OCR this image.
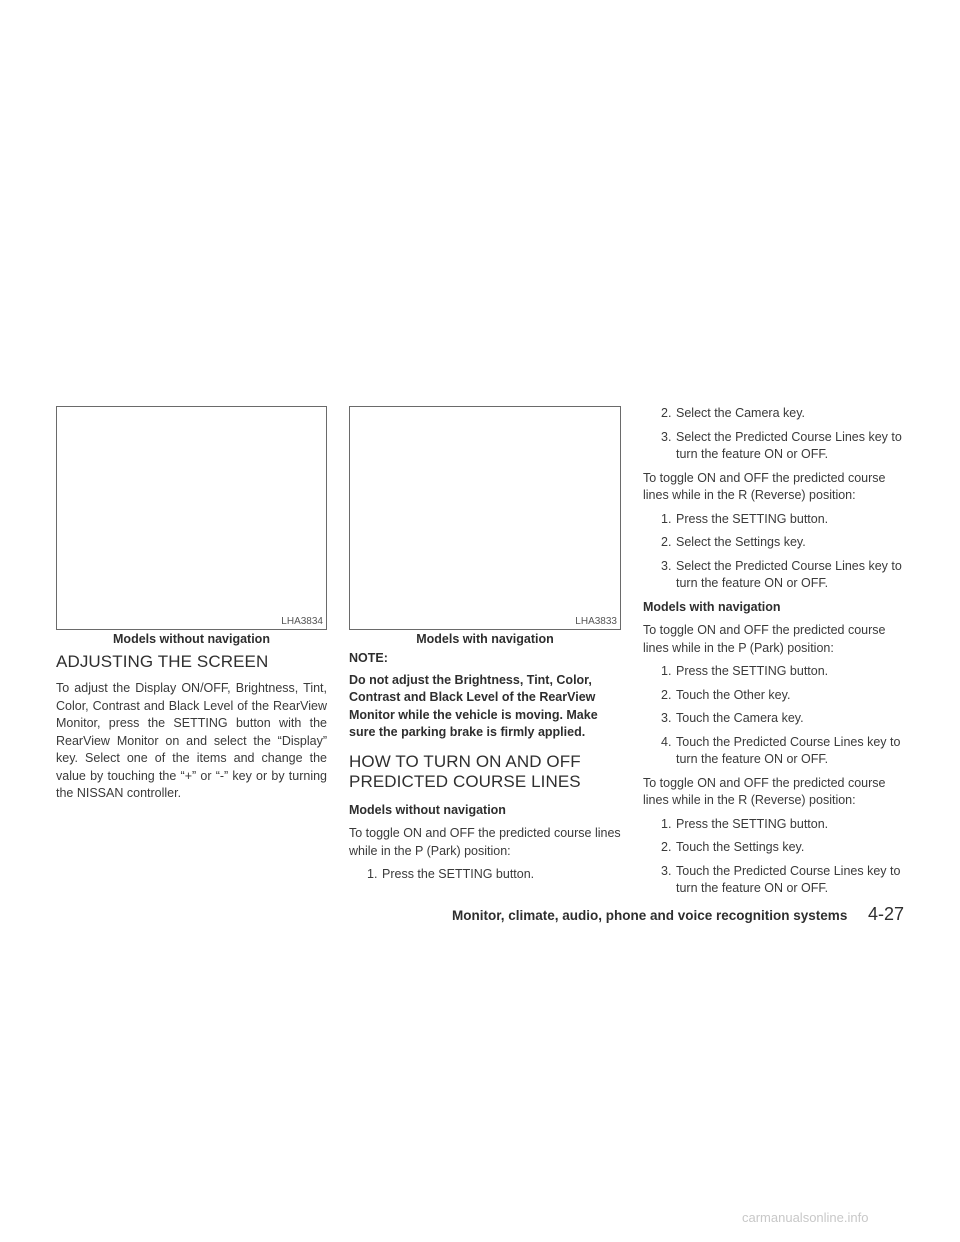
LHA3834
Models without navigation
LHA3833
Models with navigation
ADJUSTING THE SCREEN

To adjust the Display ON/OFF, Brightness, Tint, Color, Contrast and Black Level of the RearView Monitor, press the SETTING button with the RearView Monitor on and select the “Display” key. Select one of the items and change the value by touching the “+” or “-” key or by turning the NISSAN controller.

NOTE:

Do not adjust the Brightness, Tint, Color, Contrast and Black Level of the RearView Monitor while the vehicle is moving. Make sure the parking brake is firmly applied.

HOW TO TURN ON AND OFF
PREDICTED COURSE LINES

Models without navigation

To toggle ON and OFF the predicted course lines while in the P (Park) position:

1. Press the SETTING button.

2. Select the Camera key.

3. Select the Predicted Course Lines key to turn the feature ON or OFF.

To toggle ON and OFF the predicted course lines while in the R (Reverse) position:

1. Press the SETTING button.

2. Select the Settings key.

3. Select the Predicted Course Lines key to turn the feature ON or OFF.

Models with navigation

To toggle ON and OFF the predicted course lines while in the P (Park) position:

1. Press the SETTING button.

2. Touch the Other key.

3. Touch the Camera key.

4. Touch the Predicted Course Lines key to turn the feature ON or OFF.

To toggle ON and OFF the predicted course lines while in the R (Reverse) position:

1. Press the SETTING button.

2. Touch the Settings key.

3. Touch the Predicted Course Lines key to turn the feature ON or OFF.

Monitor, climate, audio, phone and voice recognition systems 4-27
carmanualsonline.info
